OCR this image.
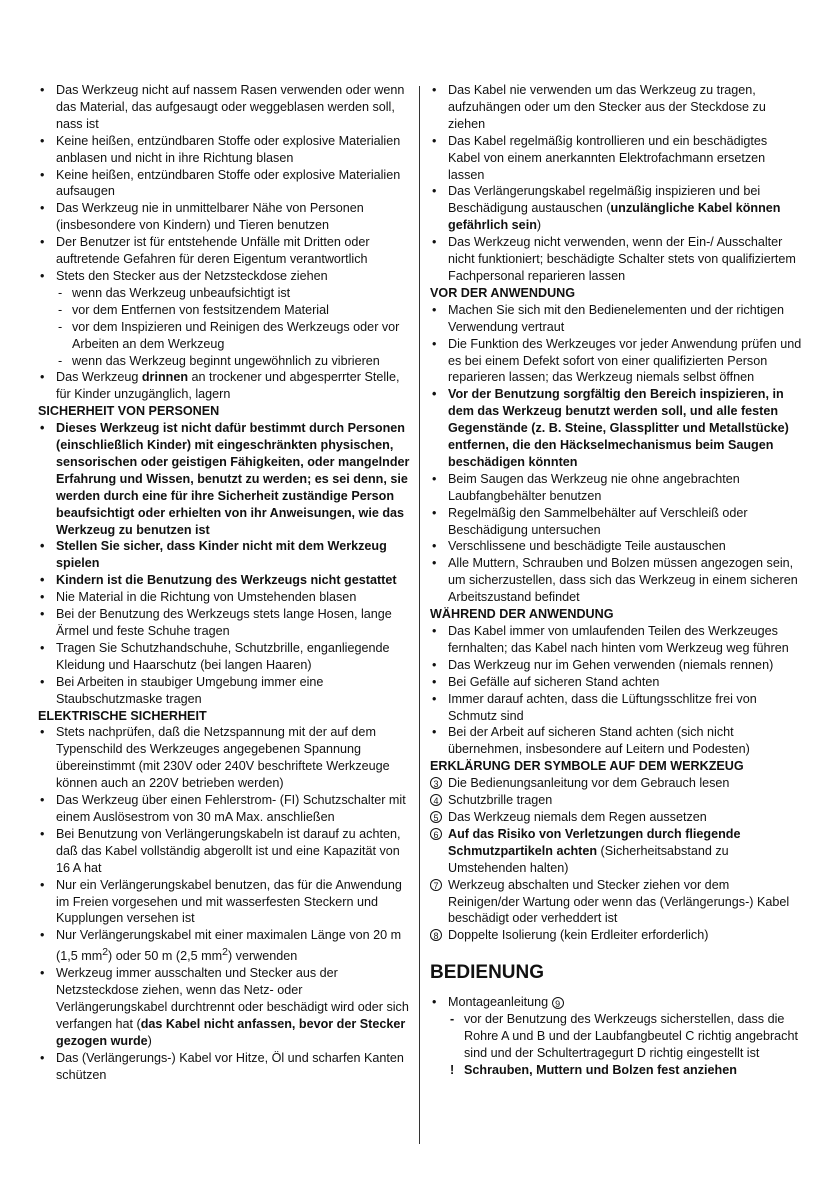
• Das Werkzeug nicht auf nassem Rasen verwenden oder wenn das Material, das aufgesaugt oder weggeblasen werden soll, nass ist
• Keine heißen, entzündbaren Stoffe oder explosive Materialien anblasen und nicht in ihre Richtung blasen
• Keine heißen, entzündbaren Stoffe oder explosive Materialien aufsaugen
• Das Werkzeug nie in unmittelbarer Nähe von Personen (insbesondere von Kindern) und Tieren benutzen
• Der Benutzer ist für entstehende Unfälle mit Dritten oder auftretende Gefahren für deren Eigentum verantwortlich
• Stets den Stecker aus der Netzsteckdose ziehen
- wenn das Werkzeug unbeaufsichtigt ist
- vor dem Entfernen von festsitzendem Material
- vor dem Inspizieren und Reinigen des Werkzeugs oder vor Arbeiten an dem Werkzeug
- wenn das Werkzeug beginnt ungewöhnlich zu vibrieren
• Das Werkzeug drinnen an trockener und abgesperrter Stelle, für Kinder unzugänglich, lagern
SICHERHEIT VON PERSONEN
• Dieses Werkzeug ist nicht dafür bestimmt durch Personen (einschließlich Kinder) mit eingeschränkten physischen, sensorischen oder geistigen Fähigkeiten, oder mangelnder Erfahrung und Wissen, benutzt zu werden; es sei denn, sie werden durch eine für ihre Sicherheit zuständige Person beaufsichtigt oder erhielten von ihr Anweisungen, wie das Werkzeug zu benutzen ist
• Stellen Sie sicher, dass Kinder nicht mit dem Werkzeug spielen
• Kindern ist die Benutzung des Werkzeugs nicht gestattet
• Nie Material in die Richtung von Umstehenden blasen
• Bei der Benutzung des Werkzeugs stets lange Hosen, lange Ärmel und feste Schuhe tragen
• Tragen Sie Schutzhandschuhe, Schutzbrille, enganliegende Kleidung und Haarschutz (bei langen Haaren)
• Bei Arbeiten in staubiger Umgebung immer eine Staubschutzmaske tragen
ELEKTRISCHE SICHERHEIT
• Stets nachprüfen, daß die Netzspannung mit der auf dem Typenschild des Werkzeuges angegebenen Spannung übereinstimmt (mit 230V oder 240V beschriftete Werkzeuge können auch an 220V betrieben werden)
• Das Werkzeug über einen Fehlerstrom- (FI) Schutzschalter mit einem Auslösestrom von 30 mA Max. anschließen
• Bei Benutzung von Verlängerungskabeln ist darauf zu achten, daß das Kabel vollständig abgerollt ist und eine Kapazität von 16 A hat
• Nur ein Verlängerungskabel benutzen, das für die Anwendung im Freien vorgesehen und mit wasserfesten Steckern und Kupplungen versehen ist
• Nur Verlängerungskabel mit einer maximalen Länge von 20 m (1,5 $mm^2$) oder 50 m (2,5 $mm^2$) verwenden
• Werkzeug immer ausschalten und Stecker aus der Netzsteckdose ziehen, wenn das Netz- oder Verlängerungskabel durchtrennt oder beschädigt wird oder sich verfangen hat (das Kabel nicht anfassen, bevor der Stecker gezogen wurde)
• Das (Verlängerungs-) Kabel vor Hitze, Öl und scharfen Kanten schützen
• Das Kabel nie verwenden um das Werkzeug zu tragen, aufzuhängen oder um den Stecker aus der Steckdose zu ziehen
• Das Kabel regelmäßig kontrollieren und ein beschädigtes Kabel von einem anerkannten Elektrofachmann ersetzen lassen
• Das Verlängerungskabel regelmäßig inspizieren und bei Beschädigung austauschen (unzulängliche Kabel können gefährlich sein)
• Das Werkzeug nicht verwenden, wenn der Ein-/ Ausschalter nicht funktioniert; beschädigte Schalter stets von qualifiziertem Fachpersonal reparieren lassen
VOR DER ANWENDUNG
• Machen Sie sich mit den Bedienelementen und der richtigen Verwendung vertraut
• Die Funktion des Werkzeuges vor jeder Anwendung prüfen und es bei einem Defekt sofort von einer qualifizierten Person reparieren lassen; das Werkzeug niemals selbst öffnen
• Vor der Benutzung sorgfältig den Bereich inspizieren, in dem das Werkzeug benutzt werden soll, und alle festen Gegenstände (z. B. Steine, Glassplitter und Metallstücke) entfernen, die den Häckselmechanismus beim Saugen beschädigen könnten
• Beim Saugen das Werkzeug nie ohne angebrachten Laubfangbehälter benutzen
• Regelmäßig den Sammelbehälter auf Verschleiß oder Beschädigung untersuchen
• Verschlissene und beschädigte Teile austauschen
• Alle Muttern, Schrauben und Bolzen müssen angezogen sein, um sicherzustellen, dass sich das Werkzeug in einem sicheren Arbeitszustand befindet
WÄHREND DER ANWENDUNG
• Das Kabel immer von umlaufenden Teilen des Werkzeuges fernhalten; das Kabel nach hinten vom Werkzeug weg führen
• Das Werkzeug nur im Gehen verwenden (niemals rennen)
• Bei Gefälle auf sicheren Stand achten
• Immer darauf achten, dass die Lüftungsschlitze frei von Schmutz sind
• Bei der Arbeit auf sicheren Stand achten (sich nicht übernehmen, insbesondere auf Leitern und Podesten)
ERKLÄRUNG DER SYMBOLE AUF DEM WERKZEUG
3 Die Bedienungsanleitung vor dem Gebrauch lesen
4 Schutzbrille tragen
5 Das Werkzeug niemals dem Regen aussetzen
6 Auf das Risiko von Verletzungen durch fliegende Schmutzpartikeln achten (Sicherheitsabstand zu Umstehenden halten)
7 Werkzeug abschalten und Stecker ziehen vor dem Reinigen/der Wartung oder wenn das (Verlängerungs-) Kabel beschädigt oder verheddert ist
8 Doppelte Isolierung (kein Erdleiter erforderlich)
BEDIENUNG
• Montageanleitung 9
- vor der Benutzung des Werkzeugs sicherstellen, dass die Rohre A und B und der Laubfangbeutel C richtig angebracht sind und der Schultertragegurt D richtig eingestellt ist
! Schrauben, Muttern und Bolzen fest anziehen
